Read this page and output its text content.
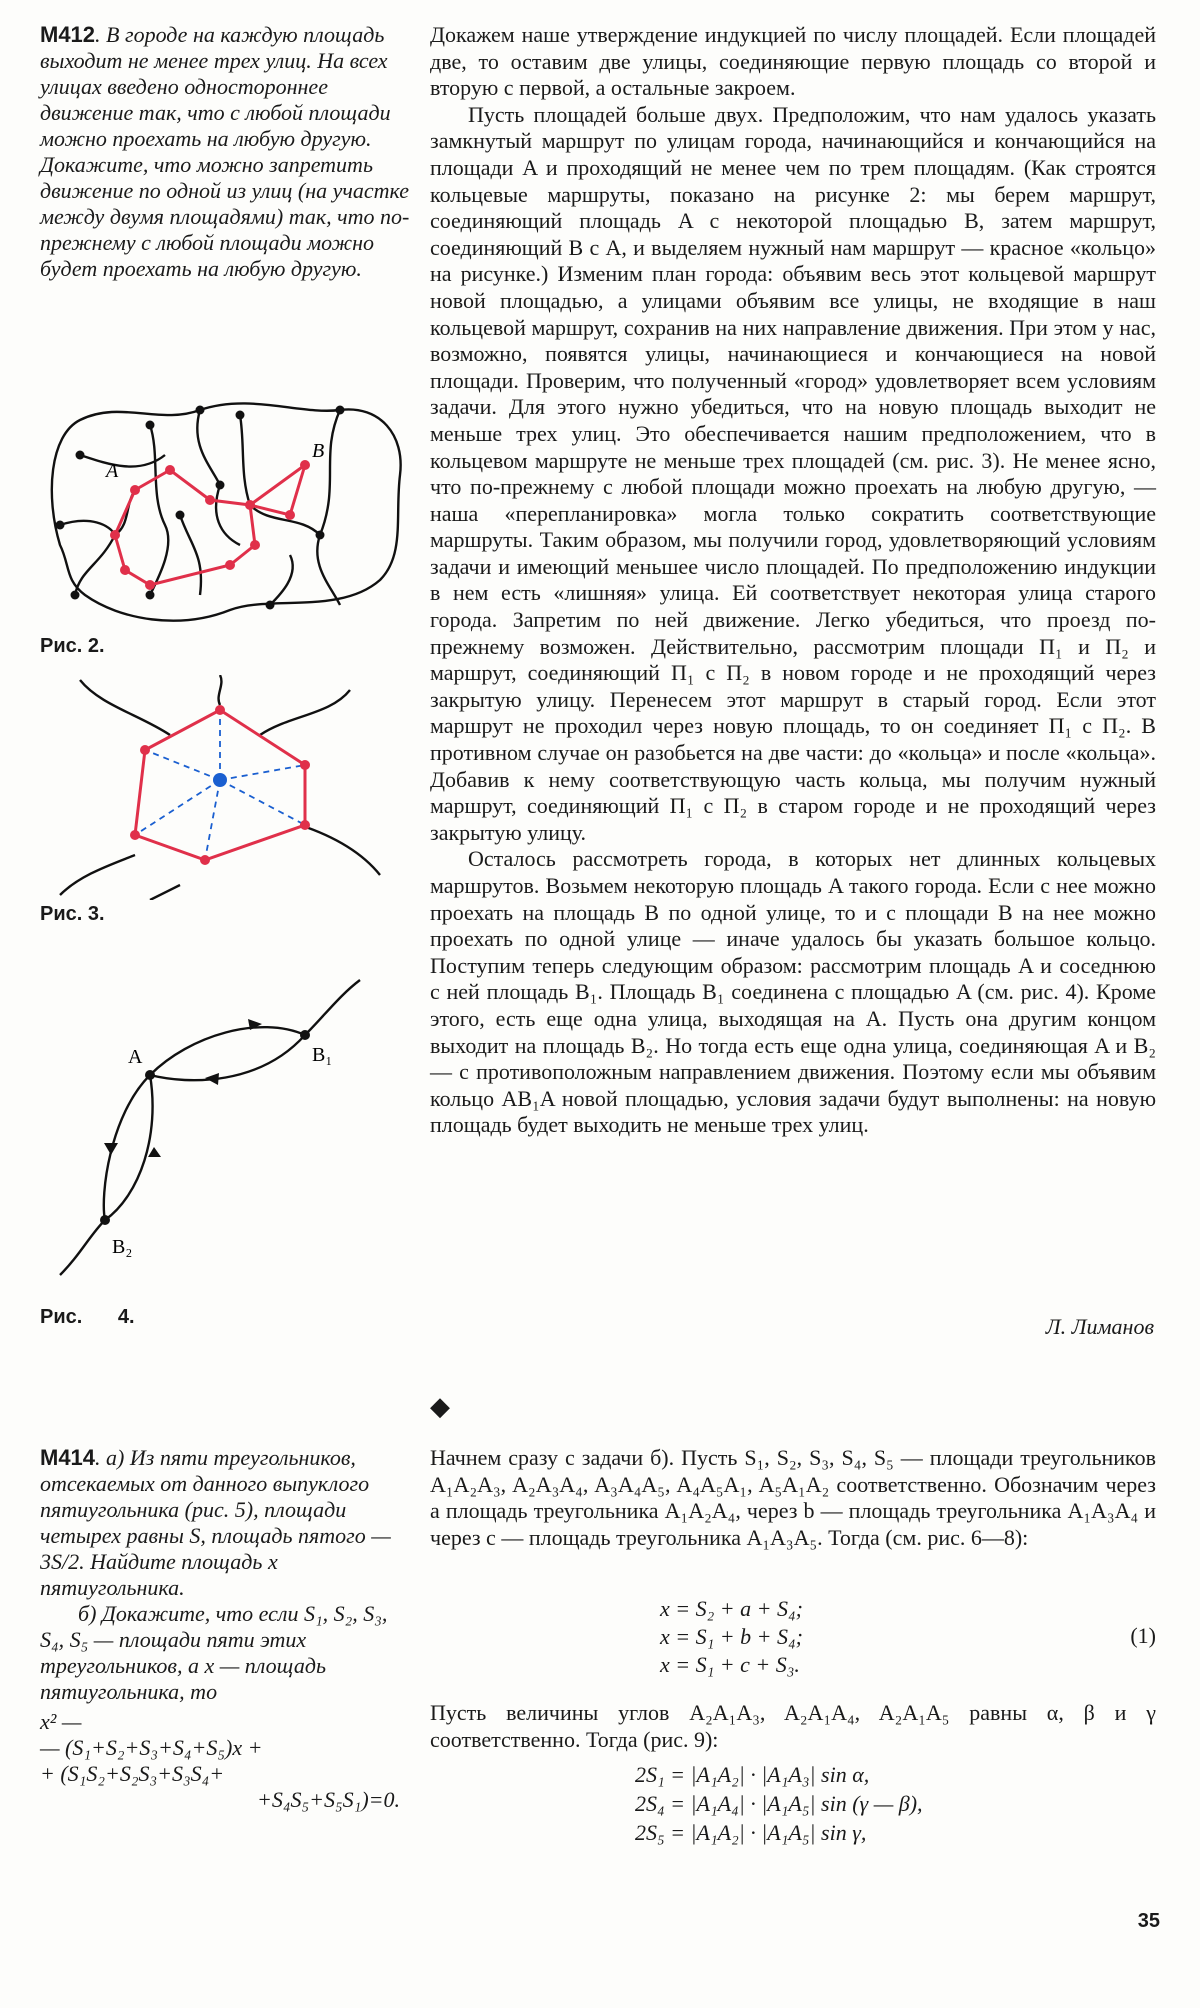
М412. В городе на каждую площадь выходит не менее трех улиц. На всех улицах введено одностороннее движение так, что с любой площади можно проехать на любую другую. Докажите, что можно запретить движение по одной из улиц (на участке между двумя площадями) так, что по-прежнему с любой площади можно будет проехать на любую другую.
A
B
Рис. 2.
Рис. 3.
A	B₁
B₂
Рис. 4.

Докажем наше утверждение индукцией по числу площадей. Если площадей две, то оставим две улицы, соединяющие первую площадь со второй и вторую с первой, а остальные закроем.

Пусть площадей больше двух. Предположим, что нам удалось указать замкнутый маршрут по улицам города, начинающийся и кончающийся на площади A и проходящий не менее чем по трем площадям. (Как строятся кольцевые маршруты, показано на рисунке 2: мы берем маршрут, соединяющий площадь A с некоторой площадью B, затем маршрут, соединяющий B с A, и выделяем нужный нам маршрут — красное «кольцо» на рисунке.) Изменим план города: объявим весь этот кольцевой маршрут новой площадью, а улицами объявим все улицы, не входящие в наш кольцевой маршрут, сохранив на них направление движения. При этом у нас, возможно, появятся улицы, начинающиеся и кончающиеся на новой площади. Проверим, что полученный «город» удовлетворяет всем условиям задачи. Для этого нужно убедиться, что на новую площадь выходит не меньше трех улиц. Это обеспечивается нашим предположением, что в кольцевом маршруте не меньше трех площадей (см. рис. 3). Не менее ясно, что по-прежнему с любой площади можно проехать на любую другую, — наша «перепланировка» могла только сократить соответствующие маршруты. Таким образом, мы получили город, удовлетворяющий условиям задачи и имеющий меньшее число площадей. По предположению индукции в нем есть «лишняя» улица. Ей соответствует некоторая улица старого города. Запретим по ней движение. Легко убедиться, что проезд по-прежнему возможен. Действительно, рассмотрим площади П₁ и П₂ и маршрут, соединяющий П₁ с П₂ в новом городе и не проходящий через закрытую улицу. Перенесем этот маршрут в старый город. Если этот маршрут не проходил через новую площадь, то он соединяет П₁ с П₂. В противном случае он разобьется на две части: до «кольца» и после «кольца». Добавив к нему соответствующую часть кольца, мы получим нужный маршрут, соединяющий П₁ с П₂ в старом городе и не проходящий через закрытую улицу.

Осталось рассмотреть города, в которых нет длинных кольцевых маршрутов. Возьмем некоторую площадь A такого города. Если с нее можно проехать на площадь B по одной улице, то и с площади B на нее можно проехать по одной улице — иначе удалось бы указать большое кольцо. Поступим теперь следующим образом: рассмотрим площадь A и соседнюю с ней площадь B₁. Площадь B₁ соединена с площадью A (см. рис. 4). Кроме этого, есть еще одна улица, выходящая на A. Пусть она другим концом выходит на площадь B₂. Но тогда есть еще одна улица, соединяющая A и B₂ — с противоположным направлением движения. Поэтому если мы объявим кольцо AB₁A новой площадью, условия задачи будут выполнены: на новую площадь будет выходить не меньше трех улиц.

Л. Лиманов
◆
М414. а) Из пяти треугольников, отсекаемых от данного выпуклого пятиугольника (рис. 5), площади четырех равны S, площадь пятого — 3S/2. Найдите площадь x пятиугольника.
б) Докажите, что если S₁, S₂, S₃, S₄, S₅ — площади пяти этих треугольников, а x — площадь пятиугольника, то
x² —
— (S₁+S₂+S₃+S₄+S₅)x +
+ (S₁S₂+S₂S₃+S₃S₄+
+S₄S₅+S₅S₁)=0.

Начнем сразу с задачи б). Пусть S₁, S₂, S₃, S₄, S₅ — площади треугольников A₁A₂A₃, A₂A₃A₄, A₃A₄A₅, A₄A₅A₁, A₅A₁A₂ соответственно. Обозначим через a площадь треугольника A₁A₂A₄, через b — площадь треугольника A₁A₃A₄ и через c — площадь треугольника A₁A₃A₅. Тогда (см. рис. 6—8):

x = S₂ + a + S₄;
x = S₁ + b + S₄;
x = S₁ + c + S₃.
(1)

Пусть величины углов A₂A₁A₃, A₂A₁A₄, A₂A₁A₅ равны α, β и γ соответственно. Тогда (рис. 9):

2S₁ = |A₁A₂| · |A₁A₃| sin α,
2S₄ = |A₁A₄| · |A₁A₅| sin (γ — β),
2S₅ = |A₁A₂| · |A₁A₅| sin γ,
35
